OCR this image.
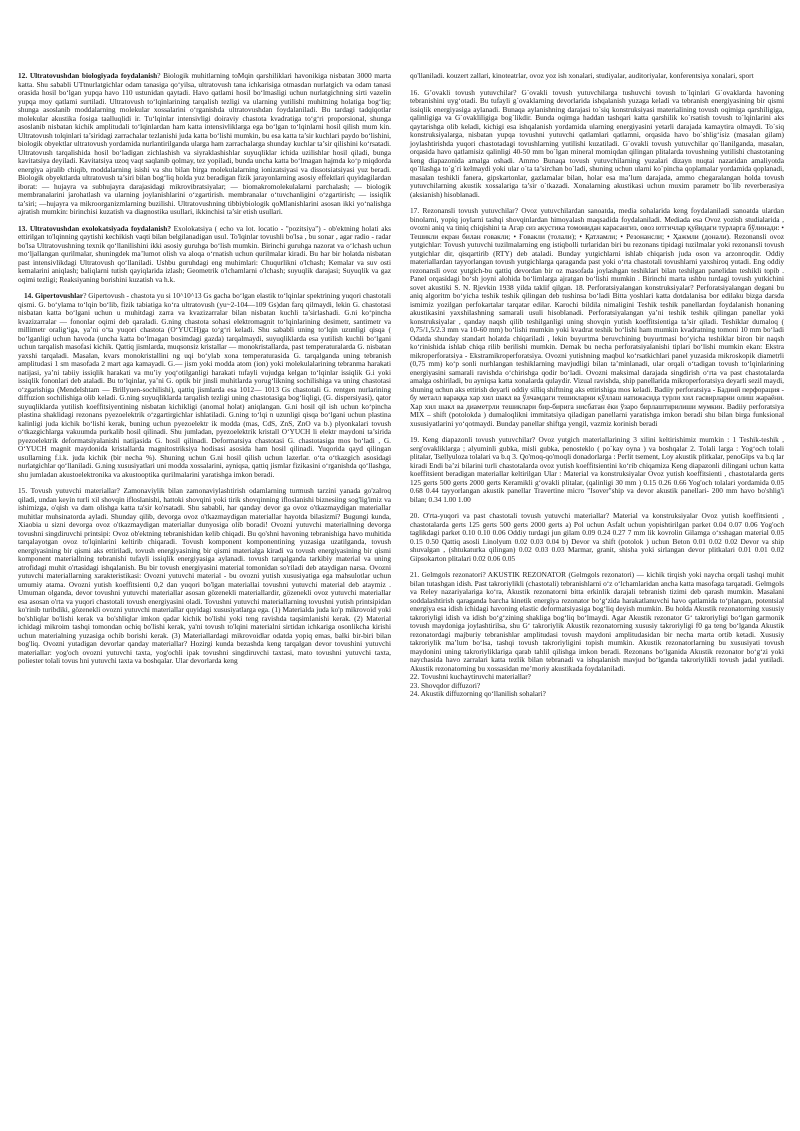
12. Ultratovushdan biologiyada foydalanish? Biologik muhitlarning toMqin qarshiliklari havonikiga nisbatan 3000 marta katta. Shu sababli UTtnurlatgichlar odam tanasiga qo‘yilsa, ultratovush tana ichkarisiga otmasdan nurlatgich va odam tanasi orasida hosil bo‘lgan yupqa havo 110 ustunidan qaytadi. Havo qatlami hosil bo‘lmasligi uchun nurlatgichning sirti vazelin yupqa moy qatlami surtiladi. Ultratovush to‘lqinlarining tarqalish tezligi va ularning yutilishi muhitning holatiga bog‘liq; shunga asoslanib moddalarning molekular xossalarini o‘rganishda ultratovushdan foydalaniladi. Bu tardagi tadqiqotlar molekular akustika fosiga taalluqlidi ir. Tu‘lqinlar intensivligi doiraviy chastota kvadratiga to‘g‘ri proporsional, shunga asoslanib nisbatan kichik amplitudali to‘lqinlardan ham katta intensivliklarga ega bo‘lgan to‘lqinlarni hosil qilish mum kin. Ultratovush tolqinlari ta’siridagi zarrachalar tezlanishi juda katta bo‘lishi mumkin, bu esa katta ta’sir kuchlari paydo bo‘lishini, biologik obyektlar ultratovush yordamida nurlantirilganda ularga ham zarrachalarga shunday kuchlar ta’sir qilishini ko‘rsatadi. Ultratovush tarqalishida hosil bo‘ladigan zichlashish va siyraklashishlar suyuqliklar ichida uzilishlar hosil qiladi, bunga kavitatsiya deyiladi. Kavitatsiya uzoq vaqt saqlanib qolmay, tez yopiladi, bunda uncha katta bo‘lmagan hajmda ko‘p miqdorda energiya ajralib chiqib, moddalarning isishi va shu bilan birga molekulalarning ionizatsiyasi va dissotsiatsiyasi yuz beradi. Biologik obyektlarda ultratovush ta’siri bilan bog‘liq holda yuz beradigan fizik jarayonlarning asosiy effektlari quyidagilardan iborat: — hujayra va subhujayra darajasidagi mikrovibratsiyalar; — biomakromolekulalarni parchalash; — biologik membranalarini jarohatlash va ularning joylanishlarini o‘zgartirish. membranalar o‘tuvchanligini o‘zgartirish; — issiqlik ta’siri; —hujayra va mikroorganizmlarning buzilishi. Ultratovushning tibbiybiologik qoMlanishlarini asosan ikki yo‘nalishga ajratish mumkin: birinchisi kuzatish va diagnostika usullari, ikkinchisi ta’sir etish usullari.

13. Ultratovushdan exolokatsiyada foydalanish? Exolokatsiya ( echo va lot. locatio - "pozitsiya") - ob'ektning holati aks ettirilgan to'lqinning qaytishi kechikish vaqti bilan belgilanadigan usul. To'lqinlar tovushli bo'lsa , bu sonar , agar radio - radar bo'lsa Ultratovushning texnik qo‘llanilishini ikki asosiy guruhga bo‘lish mumkin. Birinchi guruhga nazorat va o‘lchash uchun mo‘ljallangan qurilmalar, shuningdek ma’lumot olish va aloqa o‘rnatish uchun qurilmalar kiradi. Bu har bir holatda nisbatan past intensivlikdagi Ultratovush qo‘llaniladi. Ushbu guruhdagi eng muhimlari: Chuqurlikni o'lchash; Kemalar va suv osti kemalarini aniqlash; baliqlarni tutish qayiqlarida izlash; Geometrik o'lchamlarni o'lchash; suyuqlik darajasi; Suyuqlik va gaz oqimi tezligi; Reaksiyaning borishini kuzatish va h.k.

14. Gipertovushlar? Gipertovush - chastota yu si 10^10^13 Gs gacha bo‘lgan elastik to‘lqinlar spektrining yuqori chastotali qismi. G. bo‘ylama to‘lqin bo‘lib, fizik tabiatiga ko‘ra ultratovush (yu~2-104—109 Gs)dan farq qilmaydi, lekin G. chastotasi nisbatan katta bo‘lgani uchun u muhitdagi zarra va kvazizarralar bilan nisbatan kuchli ta’sirlashadi. G.ni ko‘pincha kvazizarralar — fononlar oqimi deb qaraladi. G.ning chastota sohasi elektromagnit to‘lqinlarining desimetr, santimetr va millimetr oraligʻiga, ya’ni o‘ta yuqori chastota (O‘YUCH)ga to‘g‘ri keladi. Shu sababli uning to‘lqin uzunligi qisqa ( bo‘lganligi uchun havoda (uncha katta bo‘lmagan bosimdagi gazda) tarqalmaydi, suyuqliklarda esa yutilish kuchli bo‘lgani uchun tarqalish masofasi kichik. Qattiq jismlarda, muqsonsiz kristallar — monokristallarda, past temperaturalarda G. nisbatan yaxshi tarqaladi. Masalan, kvars monokristallini ng uqi bo‘ylab xona temperaturasida G. tarqalganda uning tebranish amplitudasi 1 sm masofada 2 mart aga kamayadi. G.— jism yoki modda atom (ion) yoki molekulalarining tebranma harakati natijasi, ya’ni tabiiy issiqlik harakati va mu’iy yoq‘otilganligi harakati tufayli vujudga kelgan to‘lqinlar issiqlik G.i yoki issiqlik fononlari deb ataladi. Bu to‘lqinlar, ya’ni G. optik bir jinsli muhitlarda yorug‘likning sochilishiga va uning chastotasi o‘zgarishiga (Mendelshtam — Brillyuen-sochilishi), qattiq jismlarda esa 1012— 1013 Gs chastotali G. rentgen nurlarining diffuzion sochilishiga olib keladi. G.ning suyuqliklarda tarqalish tezligi uning chastotasiga bog‘liqligi, (G. dispersiyasi), qator suyuqliklarda yutilish koeffitsiyentining nisbatan kichikligi (anomal holat) aniqlangan. G.ni hosil qil ish uchun ko‘pincha plastina shaklidagi rezonans pyezoelektrik o‘zgartirgichlar ishlatiladi. G.ning to‘lqi n uzunligi qisqa bo‘lgani uchun plastina kalinligi juda kichik bo‘lishi kerak, buning uchun pyezoelektr ik modda (mas, CdS, ZnS, ZnO va b.) plyonkalari tovush o‘tkazgichlarga vakuumda purkalib hosil qilinadi. Shu jumladan, pyezoelektrik kristall O‘YUCH li elektr maydoni ta’sirida pyezoelektrik deformatsiyalanishi natijasida G. hosil qilinadi. Deformatsiya chastotasi G. chastotasiga mos bo‘ladi , G. O‘YUCH magnit maydonida kristallarda magnitostriksiya hodisasi asosida ham hosil qilinadi. Yuqorida qayd qilingan usullarning f.i.k. juda kichik (bir necha %). Shuning uchun G.ni hosil qilish uchun lazerlar. o‘ta o‘tkazgich asosidagi nurlatgichlar qo‘llaniladi. G.ning xususiyatlari uni modda xossalarini, ayniqsa, qattiq jismlar fizikasini o‘rganishda qo‘llashga, shu jumladan akustoelektronika va akustooptika qurilmalarini yaratishga imkon beradi.

15. Tovush yutuvchi materiallar? Zamonaviylik bilan zamonaviylashtirish odamlarning turmush tarzini yanada go'zalroq qiladi, undan keyin turli xil shovqin ifloslanishi, hattoki shovqini yoki tirik shovqinning ifloslanishi biznesiing sog'lig'imiz va ishimizga, o'qish va dam olishga katta ta'sir ko'rsatadi. Shu sababli, har qanday devor ga ovoz o'tkazmaydigan materiallar muhitlar muhsinatorda ayladi. Shunday qilib, devorga ovoz o'tkazmaydigan materiallar hayotda bilasizmi? Bugungi kunda, Xiaobia u sizni devorga ovoz o'tkazmaydigan materiallar dunyosiga olib boradi! Ovozni yutuvchi materiallning devorga tovushni singdiruvchi printsipi: Ovoz ob'ektning tebranishidan kelib chiqadi. Bu qo'shni havoning tebranishiga havo muhitida tarqalayotgan ovoz to'lqinlarini keltirib chiqaradi. Tovush komponent komponentining yuzasiga uzatilganda, tovush energiyasining bir qismi aks ettiriladi, tovush energiyasining bir qismi materialga kiradi va tovush energiyasining bir qismi komponent materiallning tebranishi tufayli issiqlik energiyasiga aylanadi. tovush tarqalganda tarkibiy material va uning atrofidagi muhit o'rtasidagi ishqalanish. Bu bir tovush energiyasini material tomonidan so'riladi deb ataydigan narsa. Ovozni yutuvchi materiallarning xarakteristikasi: Ovozni yutuvchi material - bu ovozni yutish xususiyatiga ega mahsulotlar uchun umumiy atama. Ovozni yutish koeffitsienti 0,2 dan yuqori bo'lgan materiallai tovushni yutuvchi material deb ataymiz . Umuman olganda, devor tovushni yutuvchi materiallar asosan gözenekli materiallardir, gözenekli ovoz yutuvchi materiallar esa asosan o'rta va yuqori chastotali tovush energiyasini oladi. Tovushni yutuvchi materiallarning tovushni yutish printsipidan ko'rinib turibdiki, gözenekli ovozni yutuvchi materiallar quyidagi xususiyatlarga ega. (1) Materialda juda ko'p mikrovoid yoki bo'shliqlar bo'lishi kerak va bo'shliqlar imkon qadar kichik bo'lishi yoki teng ravishda taqsimlanishi kerak. (2) Material ichidagi mikroim tashqi tomondan ochiq bo'lishi kerak, ya'ni tovush to'lqini materialni sirtidan ichkariga osonlikcha kirishi uchun materialning yuzasiga ochib borishi kerak. (3) Materiallardagi mikrovoidlar odatda yopiq emas, balki bir-biri bilan bog'liq. Ovozni yutadigan devorlar qanday materiallar? Hozirgi kunda bezashda keng tarqalgan devor tovushini yutuvchi materiallar: yog'och ovozni yutuvchi taxta, yog'ochli ipak tovushni singdiruvchi taxtasi, mato tovushni yutuvchi taxta, poliester tolali tovus hni yutuvchi taxta va boshqalar. Ular devorlarda keng

qo'llaniladi. kouzert zallari, kinoteatrlar, ovoz yoz ish xonalari, studiyalar, auditoriyalar, konferentsiya xonalari, sport

16. G’ovakli tovush yutuvchilar? G`ovakli tovush yutuvchilarga tushuvchi tovush to`lqinlari G`ovaklarda havoning tebranishini uyg‘otadi. Bu tufayli g`ovaklarning devorlarida ishqalanish yuzaga keladi va tebranish energiyasining bir qismi issiqlik energiyasiga aylanadi. Bunaqa aylanishning darajasi to`siq konstruksiyasi materialining tovush oqimiga qarshiligiga, qalinligiga va G`ovakliligiga bog`likdir. Bunda oqimga haddan tashqari katta qarshilik ko`rsatish tovush to`lqinlarini aks qaytarishga olib keladi, kichigi esa ishqalanish yordamida ularning energiyasini yetarli darajada kamaytira olmaydi. To`siq konstruksiyalarga, nisbatan yupqa tovushni yutuvchi qatlamlari qatlamni, orqasida havo bo`shlig‘isiz (masalan gilam) joylashtirishda yuqori chastotadagi tovushlarning yutilishi kuzatiladi. G`ovakli tovush yutuvchilar qo`llanilganda, masalan, orqasida havo qatlamisiz qalinligi 40-50 mm bo`lgan mineral momiqdan qilingan plitalarda tovushning yutilishi chastotaning keng diapazonida amalga oshadi. Ammo Bunaqa tovush yutuvchilarning yuzalari dizayn nuqtai nazaridan amaliyotda qo`llashga to`g`ri kelmaydi yoki ular o`ta ta’sirchan bo`ladi, shuning uchun ularni ko`pincha qoplamalar yordamida qoplanadi, masalan teshikli fanera, gipskartonlar, gazlamalar bilan, holar esa ma’lum darajada, ammo chegaralangan holda tovush yutuvchilarning akustik xossalariga ta’sir o`tkazadi. Xonalarning akustikasi uchun muxim parametr bo`lib reverberasiya (aksianish) hisoblanadi.

17. Rezonansli tovush yutuvchilar? Ovoz yutuvchilardan sanoatda, media sohalarida keng foydalaniladi sanoatda ulardan binolarni, yopiq joylarni tashqi shovqinlardan himoyalash maqsadida foydalaniladi. Mediada esa Ovoz yozish studialarida , ovozni aniq va tiniq chiqishini ta Агар сиз акустика томонидан карасангиз, овоз ютгичлар қуйидаги турларга бўлинади: • Тешикли екран билан ғовакли; • Ғовакли (толали); • Қатламли; • Резонансли; • Ҳажмли (донали). Rezonansli ovoz yutgichlar: Tovush yutuvchi tuzilmalarning eng istiqbolli turlaridan biri bu rezonans tipidagi tuzilmalar yoki rezonansli tovush yutgichlar dir, qisqartirib (RTY) deb ataladi. Bunday yutgichlarni ishlab chiqarish juda oson va arzonroqdir. Oddiy materiallardan tayyorlangan tovush yutgichlarga qaraganda past yoki o‘rta chastotali tovushlarni yaxshiroq yutadi. Eng oddiy rezonansli ovoz yutgich-bu qattiq devordan bir oz masofada joylashgan teshiklari bilan teshilgan panelidan teshikli topib . Panel orqasidagi bo‘sh joyni alohida bo‘limlarga ajratgan bo‘lishi mumkin . Birinchi marta ushbu turdagi tovush yutkichini sovet akustiki S. N. Rjevkin 1938 yilda taklif qilgan. 18. Perforatsiyalangan konstruksiyalar? Perforatsiyalangan degani bu aniq algoritm bo‘yicha teshik teshik qilingan deb tushinsa bo‘ladi Bitta yoshlari katta dotdalanisa bor edilaku bizga darsda ismimiz yozilgan perfokartalar tarqatar edilar. Karochi bildila nimaligini Teshik teshik panellardan foydalanish honaning akustikasini yaxshilashning samarali usuli hisoblanadi. Perforatsiyalangan ya’ni teshik teshik qilingan panellar yoki konstruksiyalar , qanday naqsh qilib teshilganligi uning shovqin yutish koeffitsientiga ta’sir qiladi. Teshiklar dumaloq ( 0,75/1,5/2.3 mm va 10-60 mm) bo‘lishi mumkin yoki kvadrat teshik bo‘lishi ham mumkin kvadratning tomoni 10 mm bo‘ladi Odatda shunday standart holatda chiqariladi , lekin buyurtma beruvchining buyurtmasi bo‘yicha teshiklar biron bir naqsh ko‘rinishida ishlab chiqa rilib berilishi mumkin. Demak bu necha perforatsiyalanishi tiplari bo‘lishi mumkin ekan: Ekstra mikroperforatsiya - Ekstramikroperforatsiya. Ovozni yutishning maqbul ko‘rsatkichlari panel yuzasida mikroskopik diametrli (0,75 mm) ko‘p sonli nurhlangan teshiklarning mavjudligi bilan ta’minlanadi, ular orqali o‘tadigan tovush to‘lqinlarining energiyasini samarali ravishda o‘chirishga qodir bo‘ladi. Ovozni maksimal darajada singdirish o‘rta va past chastotalarda amalga oshiriladi, bu ayniqsa katta xonalarda qulaydir. Vizual ravishda, ship panellarida mikroperforatsiya deyarli sezil maydi, shuning uchun aks ettirish deyarli oddiy silliq shiftning aks ettirishiga mos keladi. Badiiy perforatsiya - Бадиий перфорация - бу металл вараққа хар хил шакл ва ўлчамдаги тешикларни кўллаш натижасида турли хил гасвирларни олиш жараёни. Хар хил шакл ва диаметрли тешиклари бир-бирига нисбатан ёки ўзаро бирлаштирилиши мумкин. Badiiy perforatsiya MIX – shift (potolokda ) dumaloqlikni immitatsiya qiladigan panellarni yaratishga imkon beradi shu bilan birga funksional xususiyatlarini yo‘qotmaydi. Bunday panellar shiftga yengil, vazmiz korinish beradi

19. Keng diapazonli tovush yutuvchilar? Ovoz yutgich materiallarining 3 xilini keltirishimiz mumkin : 1 Teshik-teshik , serg'ovakliklarga ; alyuminli gubka, misli gubka, penosteklo ( po`kay oyna ) va boshqalar 2. Tolali larga : Yog‘och tolali plitalar, Tsellyuloza tolalari va b.q 3. Qo'moq-qo'moqli donadorlarga : Perlit tsement, Loy akustik plitkalar, penoGips va b.q lar kiradi Endi ba’zi bilarini turli chastotalarda ovoz yutish koeffitsientini ko‘rib chiqamiza Keng diapazonli dilingani uchun katta koeffitsient beradigan materiallar keltirilgan Ular : Material va konstruksiyalar Ovoz yutish koeffitsienti , chastotalarda gerts 125 gerts 500 gerts 2000 gerts Keramikli g‘ovakli plitalar, (qalinligi 30 mm ) 0.15 0.26 0.66 Yog'och tolalari yordamida 0.05 0.68 0.44 tayyorlangan akustik panellar Travertine micro "Isover"ship va devor akustik panellari- 200 mm havo bo'shlig'i bilan; 0.34 1.00 1.00

20. O'rta-yuqori va past chastotali tovush yutuvchi materiallar? Material va konstruksiyalar Ovoz yutish koeffitsienti , chastotalarda gerts 125 gerts 500 gerts 2000 gerts a) Pol uchun Asfalt uchun yopishtirilgan parket 0.04 0.07 0.06 Yog'och taglikdagi parket 0.10 0.10 0.06 Oddiy turdagi jun gilam 0.09 0.24 0.27 7 mm lik kovrolin Gilamga o‘xshagan material 0.05 0.15 0.50 Qattiq asosli Linolyum 0.02 0.03 0.04 b) Devor va shift (potolok ) uchun Beton 0.01 0.02 0.02 Devor va ship shuvalgan , (shtukaturka qilingan) 0.02 0.03 0.03 Marmar, granit, shisha yoki sirlangan devor plitkalari 0.01 0.01 0.02 Gipsokarton plitalari 0.02 0.06 0.05

21. Gelmgols rezonatori? AKUSTIK REZONATOR (Gelmgols rezonatori) — kichik tirqish yoki naycha orqali tashqi muhit bilan tutashgan idish. Past takroriylikli (chastotali) tebranishlarni o‘z o‘lchamlaridan ancha katta masofaga tarqatadi. Gelmgols va Reley nazariyalariga ko‘ra, Akustik rezonatorni bitta erkinlik darajali tebranish tizimi deb qarash mumkin. Masalani soddalashtirish qaraganda barcha kinetik energiya rezonator bo‘g‘zida harakatlanuvchi havo qatlamida to‘plangan, potentsial energiya esa idish ichidagi havoning elastic deformatsiyasiga bog‘liq deyish mumkin. Bu holda Akustik rezonatorning xususiy takroriyligi idish va idish bo‘g‘zining shakliga bog‘liq bo‘lmaydi. Agar Akustik rezonator G‘ takroriyligi bo‘lgan garmonik tovush maydoniga joylashtirilsa, shu G‘ takroriylik Akustik rezonatorning xususiy takroriyligi f0 ga teng bo‘lganda Akustik rezonatordagi majburiy tebranishlar amplitudasi tovush maydoni amplitudasidan bir necha marta ortib ketadi. Xususiy takroriylik ma’lum bo‘lsa, tashqi tovush takroriyligini topish mumkin. Akustik rezonatorlarning bu xususiyati tovush maydonini uning takroriyliklariga qarab tahlil qilishga imkon beradi. Rezonans bo‘lganida Akustik rezonator bo‘g‘zi yoki naychasida havo zarralari katta tezlik bilan tebranadi va ishqalanish mavjud bo‘lganda takroriylikli tovush jadal yutiladi. Akustik rezonatorning bu xossasidan me’moriy akustikada foydalaniladi.

22. Tovushni kuchaytiruvchi materiallar?

23. Shovqdor diffuzori?

24. Akustik diffuzorning qo‘llanilish sohalari?
